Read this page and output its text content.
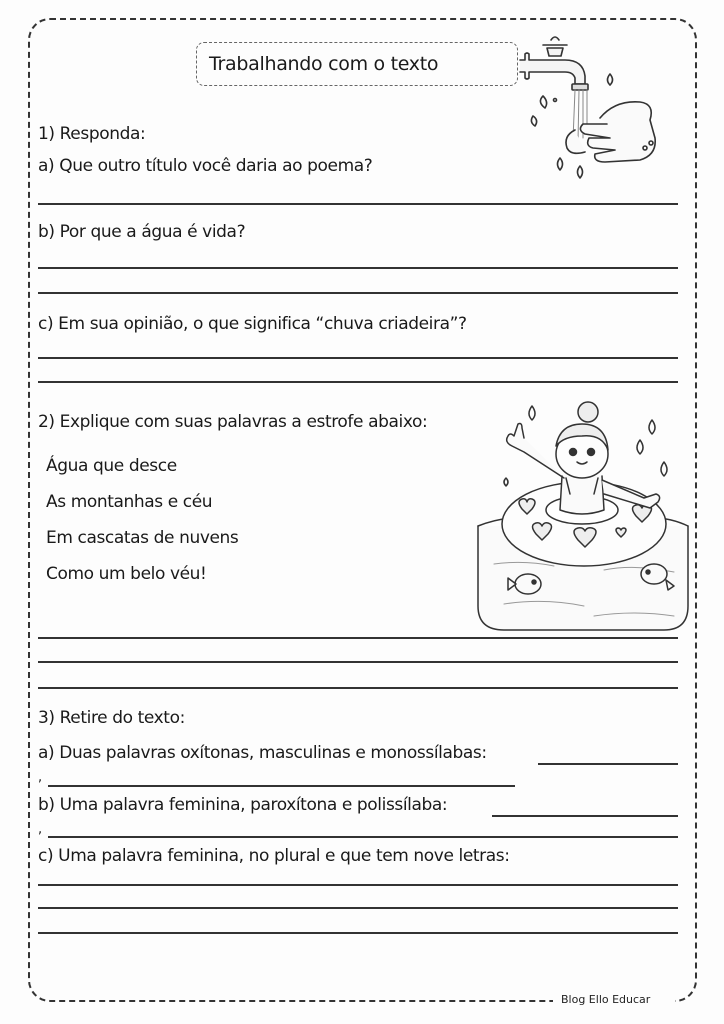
Blog Ello Educar
Trabalhando com o texto
1) Responda:
a) Que outro título você daria ao poema?
b) Por que a água é vida?
c) Em sua opinião, o que significa “chuva criadeira”?
2) Explique com suas palavras a estrofe abaixo:
Água que desce
As montanhas e céu
Em cascatas de nuvens
Como um belo véu!
3) Retire do texto:
a) Duas palavras oxítonas, masculinas e monossílabas:
,
b) Uma palavra feminina, paroxítona e polissílaba:
,
c) Uma palavra feminina, no plural e que tem nove letras:
